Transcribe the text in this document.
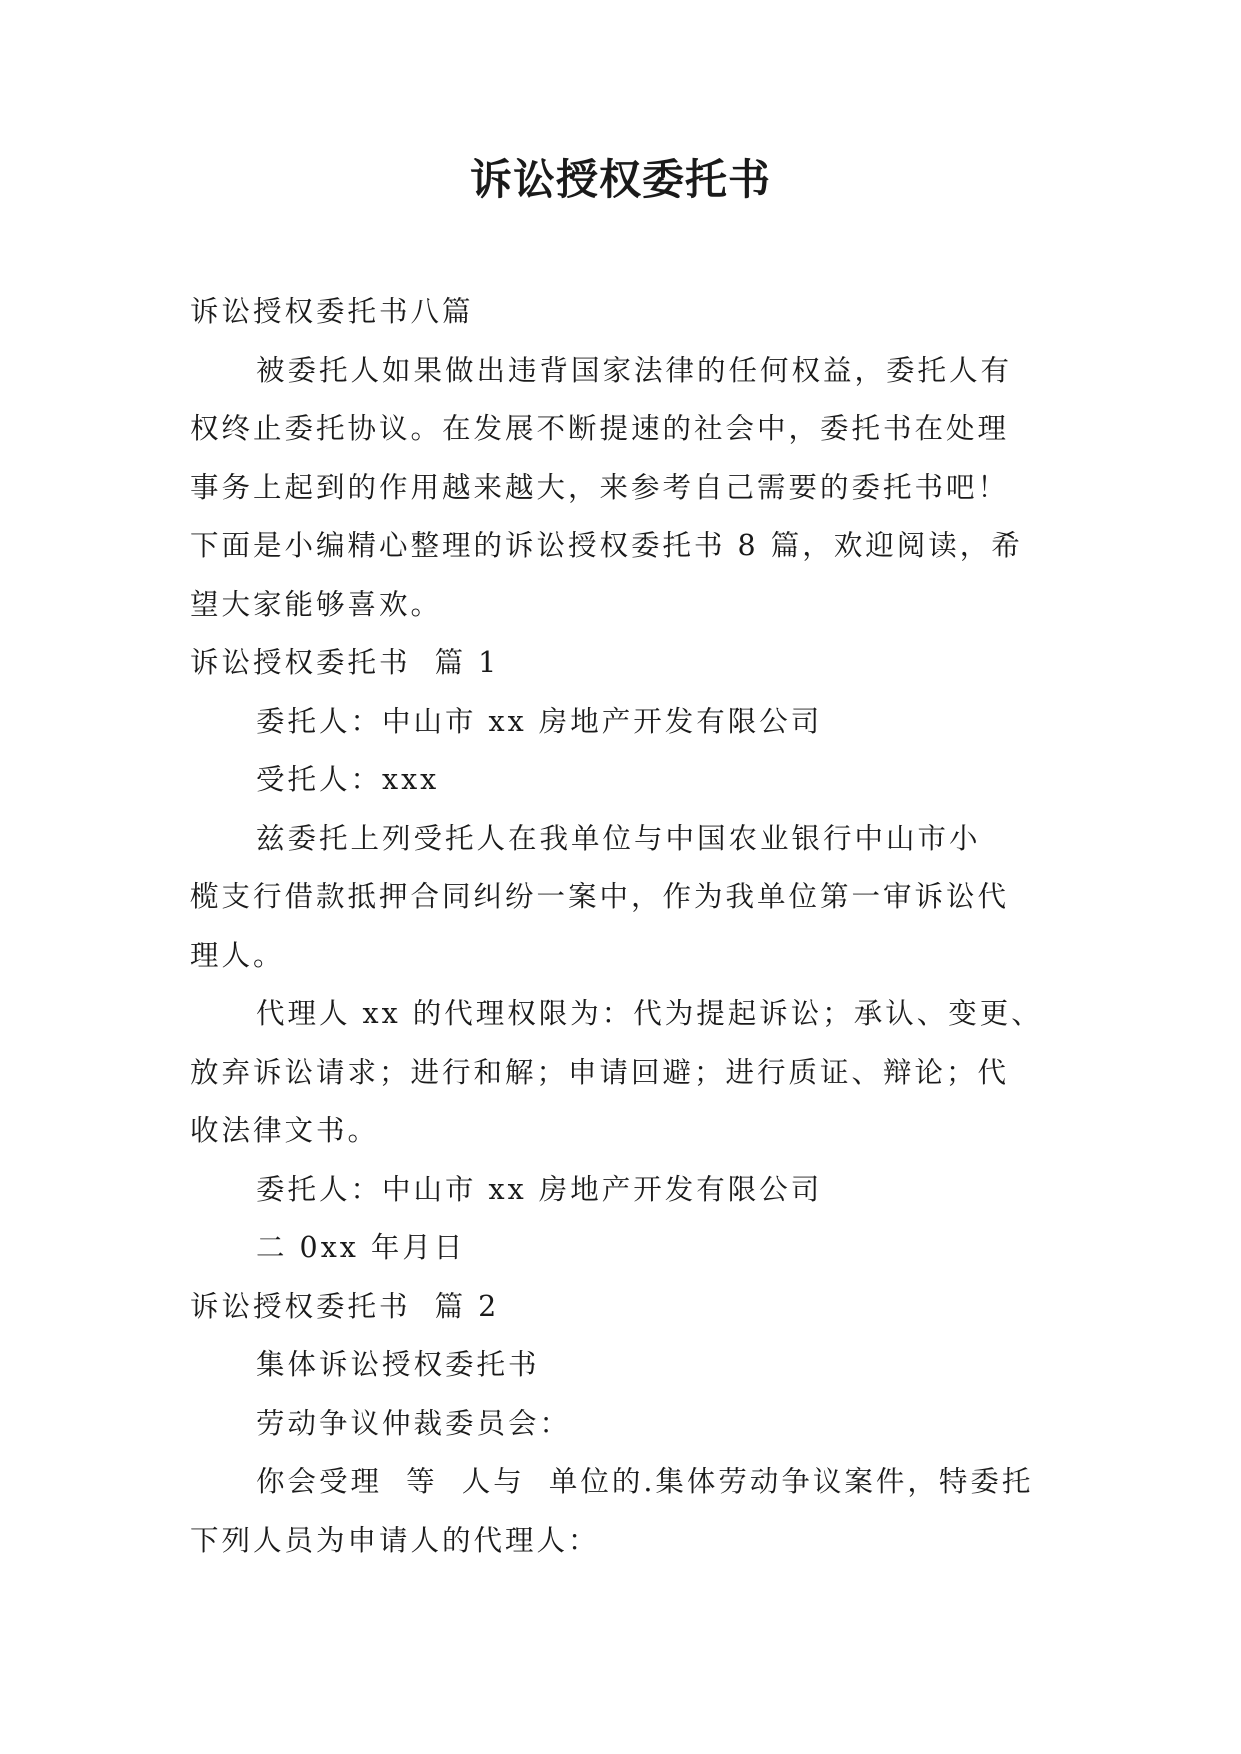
诉讼授权委托书
诉讼授权委托书八篇
被委托人如果做出违背国家法律的任何权益，委托人有
权终止委托协议。在发展不断提速的社会中，委托书在处理
事务上起到的作用越来越大，来参考自己需要的委托书吧！
下面是小编精心整理的诉讼授权委托书 8 篇，欢迎阅读，希
望大家能够喜欢。
诉讼授权委托书  篇 1
委托人：中山市 xx 房地产开发有限公司
受托人：xxx
兹委托上列受托人在我单位与中国农业银行中山市小
榄支行借款抵押合同纠纷一案中，作为我单位第一审诉讼代
理人。
代理人 xx 的代理权限为：代为提起诉讼；承认、变更、
放弃诉讼请求；进行和解；申请回避；进行质证、辩论；代
收法律文书。
委托人：中山市 xx 房地产开发有限公司
二 0xx 年月日
诉讼授权委托书  篇 2
集体诉讼授权委托书
劳动争议仲裁委员会：
你会受理  等  人与  单位的.集体劳动争议案件，特委托
下列人员为申请人的代理人：
